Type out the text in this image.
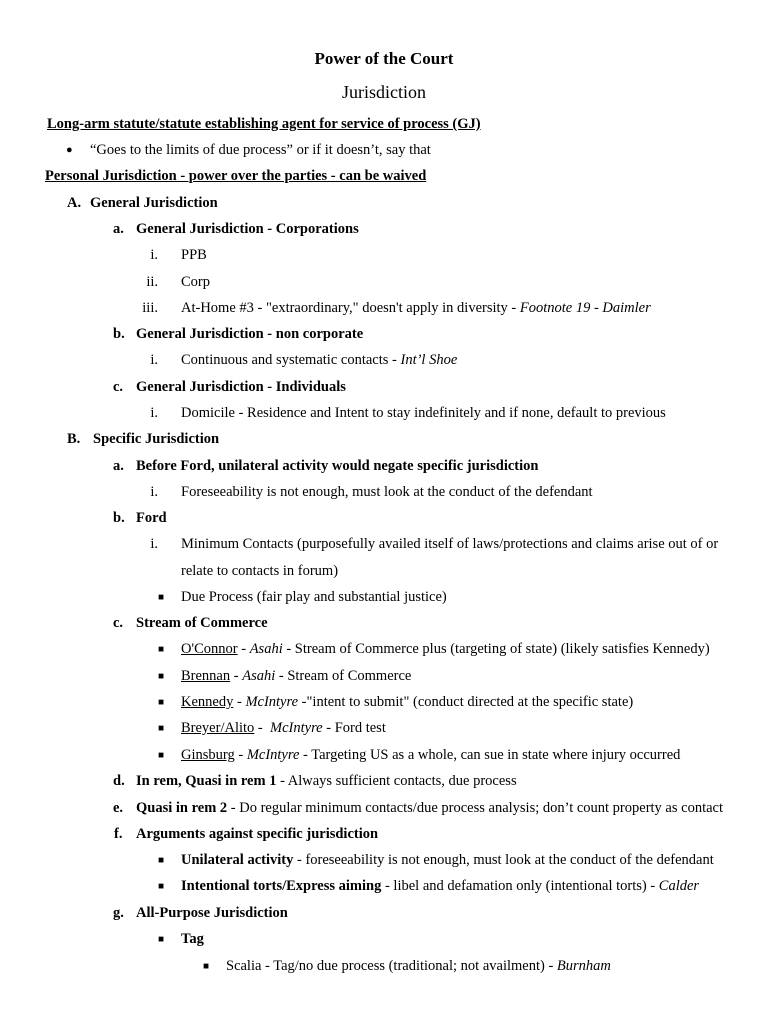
Power of the Court
Jurisdiction
Long-arm statute/statute establishing agent for service of process (GJ)
● “Goes to the limits of due process” or if it doesn’t, say that
Personal Jurisdiction - power over the parties - can be waived
A. General Jurisdiction
a. General Jurisdiction - Corporations
i. PPB
ii. Corp
iii. At-Home #3 - "extraordinary," doesn't apply in diversity - Footnote 19 - Daimler
b. General Jurisdiction - non corporate
i. Continuous and systematic contacts - Int’l Shoe
c. General Jurisdiction - Individuals
i. Domicile - Residence and Intent to stay indefinitely and if none, default to previous
B. Specific Jurisdiction
a. Before Ford, unilateral activity would negate specific jurisdiction
i. Foreseeability is not enough, must look at the conduct of the defendant
b. Ford
i. Minimum Contacts (purposefully availed itself of laws/protections and claims arise out of or
relate to contacts in forum)
■ Due Process (fair play and substantial justice)
c. Stream of Commerce
■ O'Connor - Asahi - Stream of Commerce plus (targeting of state) (likely satisfies Kennedy)
■ Brennan - Asahi - Stream of Commerce
■ Kennedy - McIntyre -"intent to submit" (conduct directed at the specific state)
■ Breyer/Alito -  McIntyre - Ford test
■ Ginsburg - McIntyre - Targeting US as a whole, can sue in state where injury occurred
d. In rem, Quasi in rem 1 - Always sufficient contacts, due process
e. Quasi in rem 2 - Do regular minimum contacts/due process analysis; don’t count property as contact
f. Arguments against specific jurisdiction
■ Unilateral activity - foreseeability is not enough, must look at the conduct of the defendant
■ Intentional torts/Express aiming - libel and defamation only (intentional torts) - Calder
g. All-Purpose Jurisdiction
■ Tag
■ Scalia - Tag/no due process (traditional; not availment) - Burnham
